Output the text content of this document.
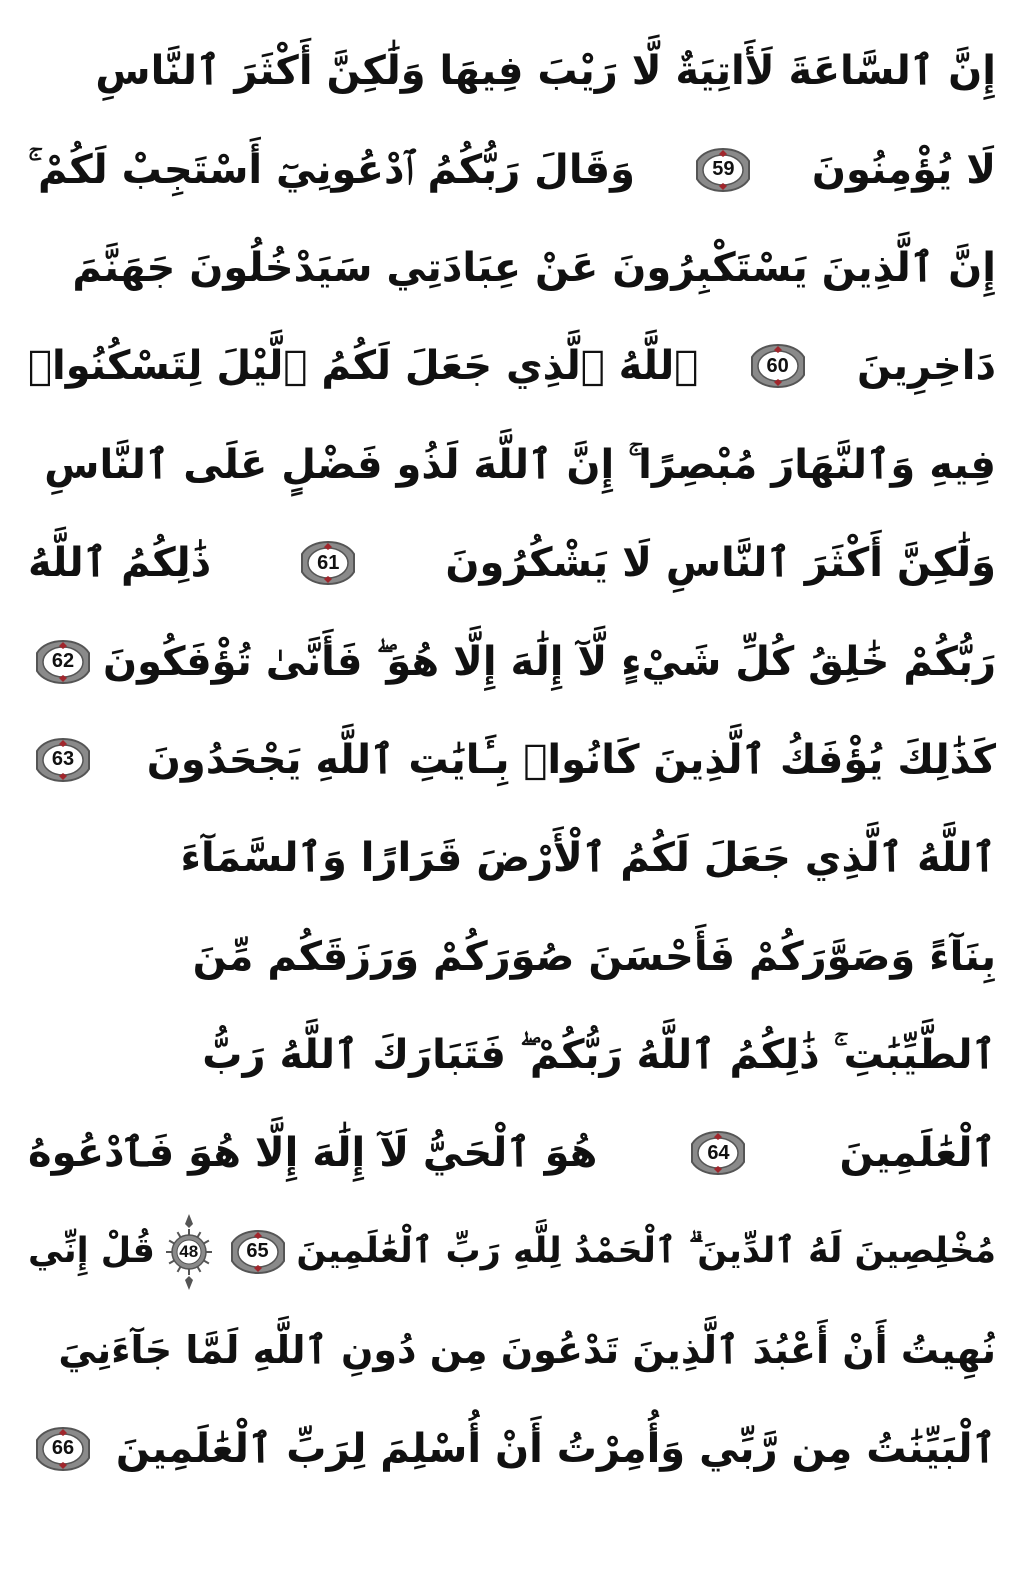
إِنَّ ٱلسَّاعَةَ لَأَاتِيَةٌ لَّا رَيْبَ فِيهَا وَلَٰكِنَّ أَكْثَرَ ٱلنَّاسِ
لَا يُؤْمِنُونَ
59
وَقَالَ رَبُّكُمُ ٱدْعُونِيٓ أَسْتَجِبْ لَكُمْ ۚ
إِنَّ ٱلَّذِينَ يَسْتَكْبِرُونَ عَنْ عِبَادَتِي سَيَدْخُلُونَ جَهَنَّمَ
دَاخِرِينَ
60
ٱللَّهُ ٱلَّذِي جَعَلَ لَكُمُ ٱلَّيْلَ لِتَسْكُنُوا۟
فِيهِ وَٱلنَّهَارَ مُبْصِرًا ۚ إِنَّ ٱللَّهَ لَذُو فَضْلٍ عَلَى ٱلنَّاسِ
وَلَٰكِنَّ أَكْثَرَ ٱلنَّاسِ لَا يَشْكُرُونَ
61
ذَٰلِكُمُ ٱللَّهُ
رَبُّكُمْ خَٰلِقُ كُلِّ شَيْءٍ لَّآ إِلَٰهَ إِلَّا هُوَ ۖ فَأَنَّىٰ تُؤْفَكُونَ
62
كَذَٰلِكَ يُؤْفَكُ ٱلَّذِينَ كَانُوا۟ بِـَٔايَٰتِ ٱللَّهِ يَجْحَدُونَ
63
ٱللَّهُ ٱلَّذِي جَعَلَ لَكُمُ ٱلْأَرْضَ قَرَارًا وَٱلسَّمَآءَ
بِنَآءً وَصَوَّرَكُمْ فَأَحْسَنَ صُوَرَكُمْ وَرَزَقَكُم مِّنَ
ٱلطَّيِّبَٰتِ ۚ ذَٰلِكُمُ ٱللَّهُ رَبُّكُمْ ۖ فَتَبَارَكَ ٱللَّهُ رَبُّ
ٱلْعَٰلَمِينَ
64
هُوَ ٱلْحَيُّ لَآ إِلَٰهَ إِلَّا هُوَ فَٱدْعُوهُ
مُخْلِصِينَ لَهُ ٱلدِّينَ ۗ ٱلْحَمْدُ لِلَّهِ رَبِّ ٱلْعَٰلَمِينَ
65
48
قُلْ إِنِّي
نُهِيتُ أَنْ أَعْبُدَ ٱلَّذِينَ تَدْعُونَ مِن دُونِ ٱللَّهِ لَمَّا جَآءَنِيَ
ٱلْبَيِّنَٰتُ مِن رَّبِّي وَأُمِرْتُ أَنْ أُسْلِمَ لِرَبِّ ٱلْعَٰلَمِينَ
66
